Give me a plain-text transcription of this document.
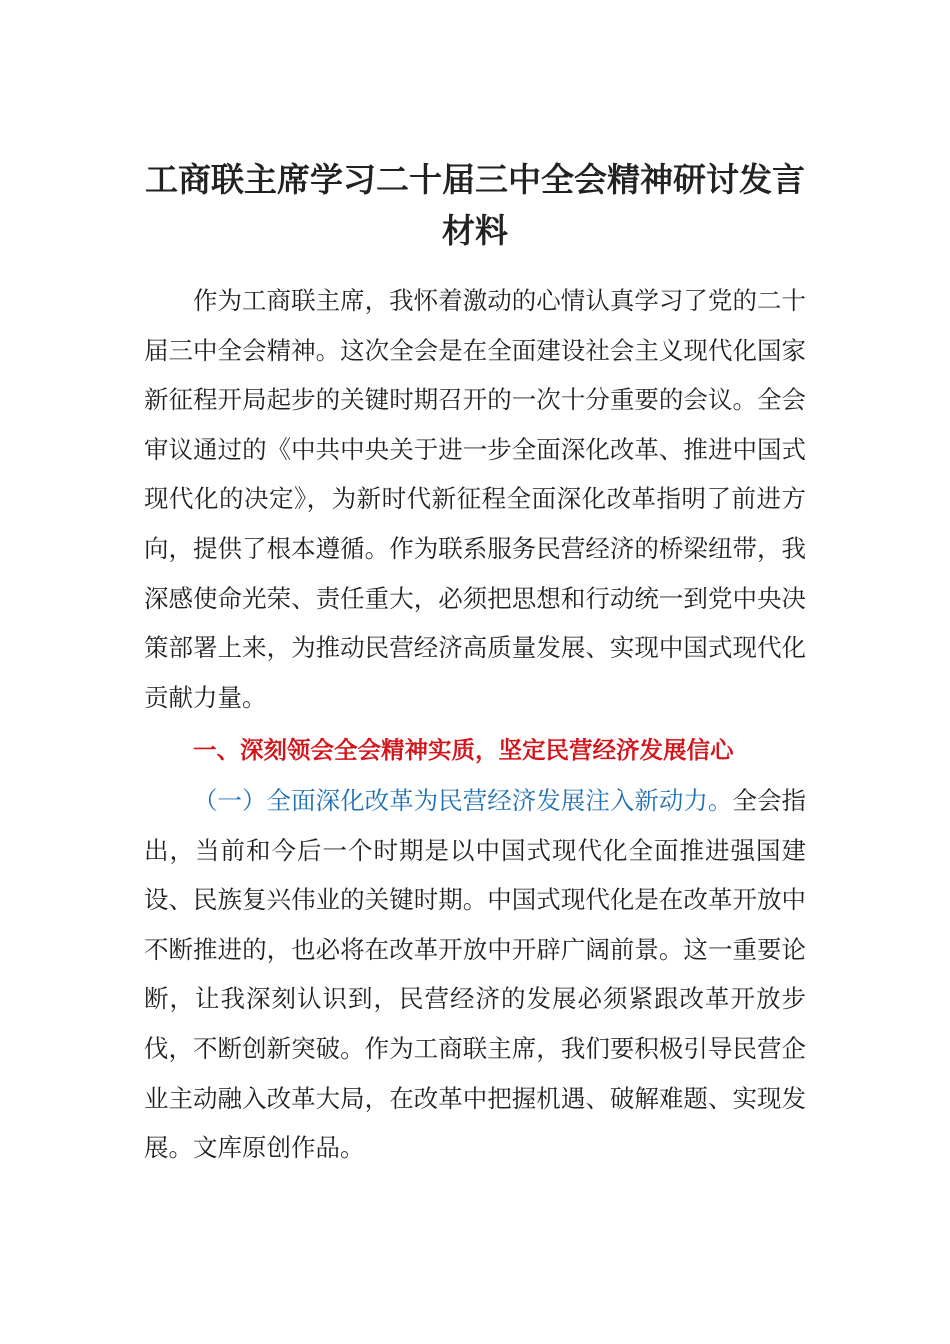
工商联主席学习二十届三中全会精神研讨发言材料

作为工商联主席，我怀着激动的心情认真学习了党的二十届三中全会精神。这次全会是在全面建设社会主义现代化国家新征程开局起步的关键时期召开的一次十分重要的会议。全会审议通过的《中共中央关于进一步全面深化改革、推进中国式现代化的决定》，为新时代新征程全面深化改革指明了前进方向，提供了根本遵循。作为联系服务民营经济的桥梁纽带，我深感使命光荣、责任重大，必须把思想和行动统一到党中央决策部署上来，为推动民营经济高质量发展、实现中国式现代化贡献力量。

一、深刻领会全会精神实质，坚定民营经济发展信心

（一）全面深化改革为民营经济发展注入新动力。全会指出，当前和今后一个时期是以中国式现代化全面推进强国建设、民族复兴伟业的关键时期。中国式现代化是在改革开放中不断推进的，也必将在改革开放中开辟广阔前景。这一重要论断，让我深刻认识到，民营经济的发展必须紧跟改革开放步伐，不断创新突破。作为工商联主席，我们要积极引导民营企业主动融入改革大局，在改革中把握机遇、破解难题、实现发展。文库原创作品。
